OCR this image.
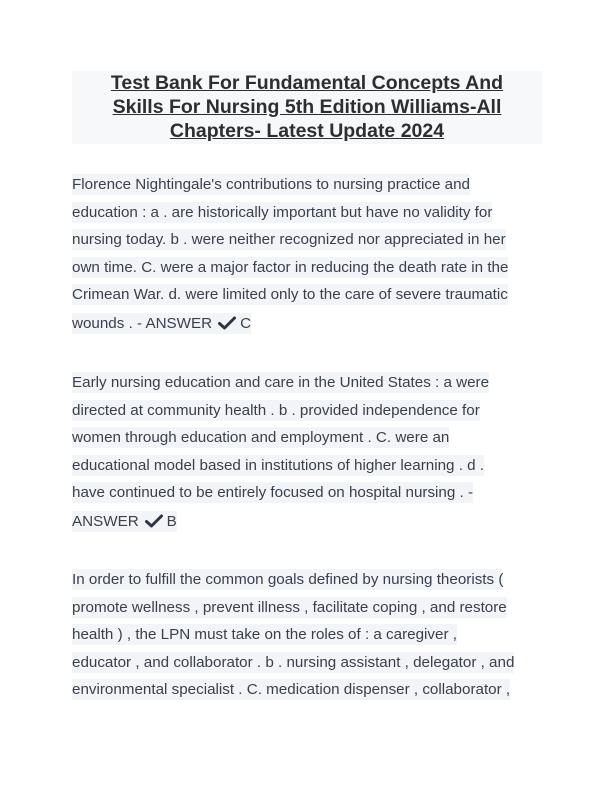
Test Bank For Fundamental Concepts And
Skills For Nursing 5th Edition Williams-All
Chapters- Latest Update 2024
Florence Nightingale's contributions to nursing practice and
education : a . are historically important but have no validity for
nursing today. b . were neither recognized nor appreciated in her
own time. C. were a major factor in reducing the death rate in the
Crimean War. d. were limited only to the care of severe traumatic
wounds . - ANSWER C
Early nursing education and care in the United States : a were
directed at community health . b . provided independence for
women through education and employment . C. were an
educational model based in institutions of higher learning . d .
have continued to be entirely focused on hospital nursing . -
ANSWER B
In order to fulfill the common goals defined by nursing theorists (
promote wellness , prevent illness , facilitate coping , and restore
health ) , the LPN must take on the roles of : a caregiver ,
educator , and collaborator . b . nursing assistant , delegator , and
environmental specialist . C. medication dispenser , collaborator ,
